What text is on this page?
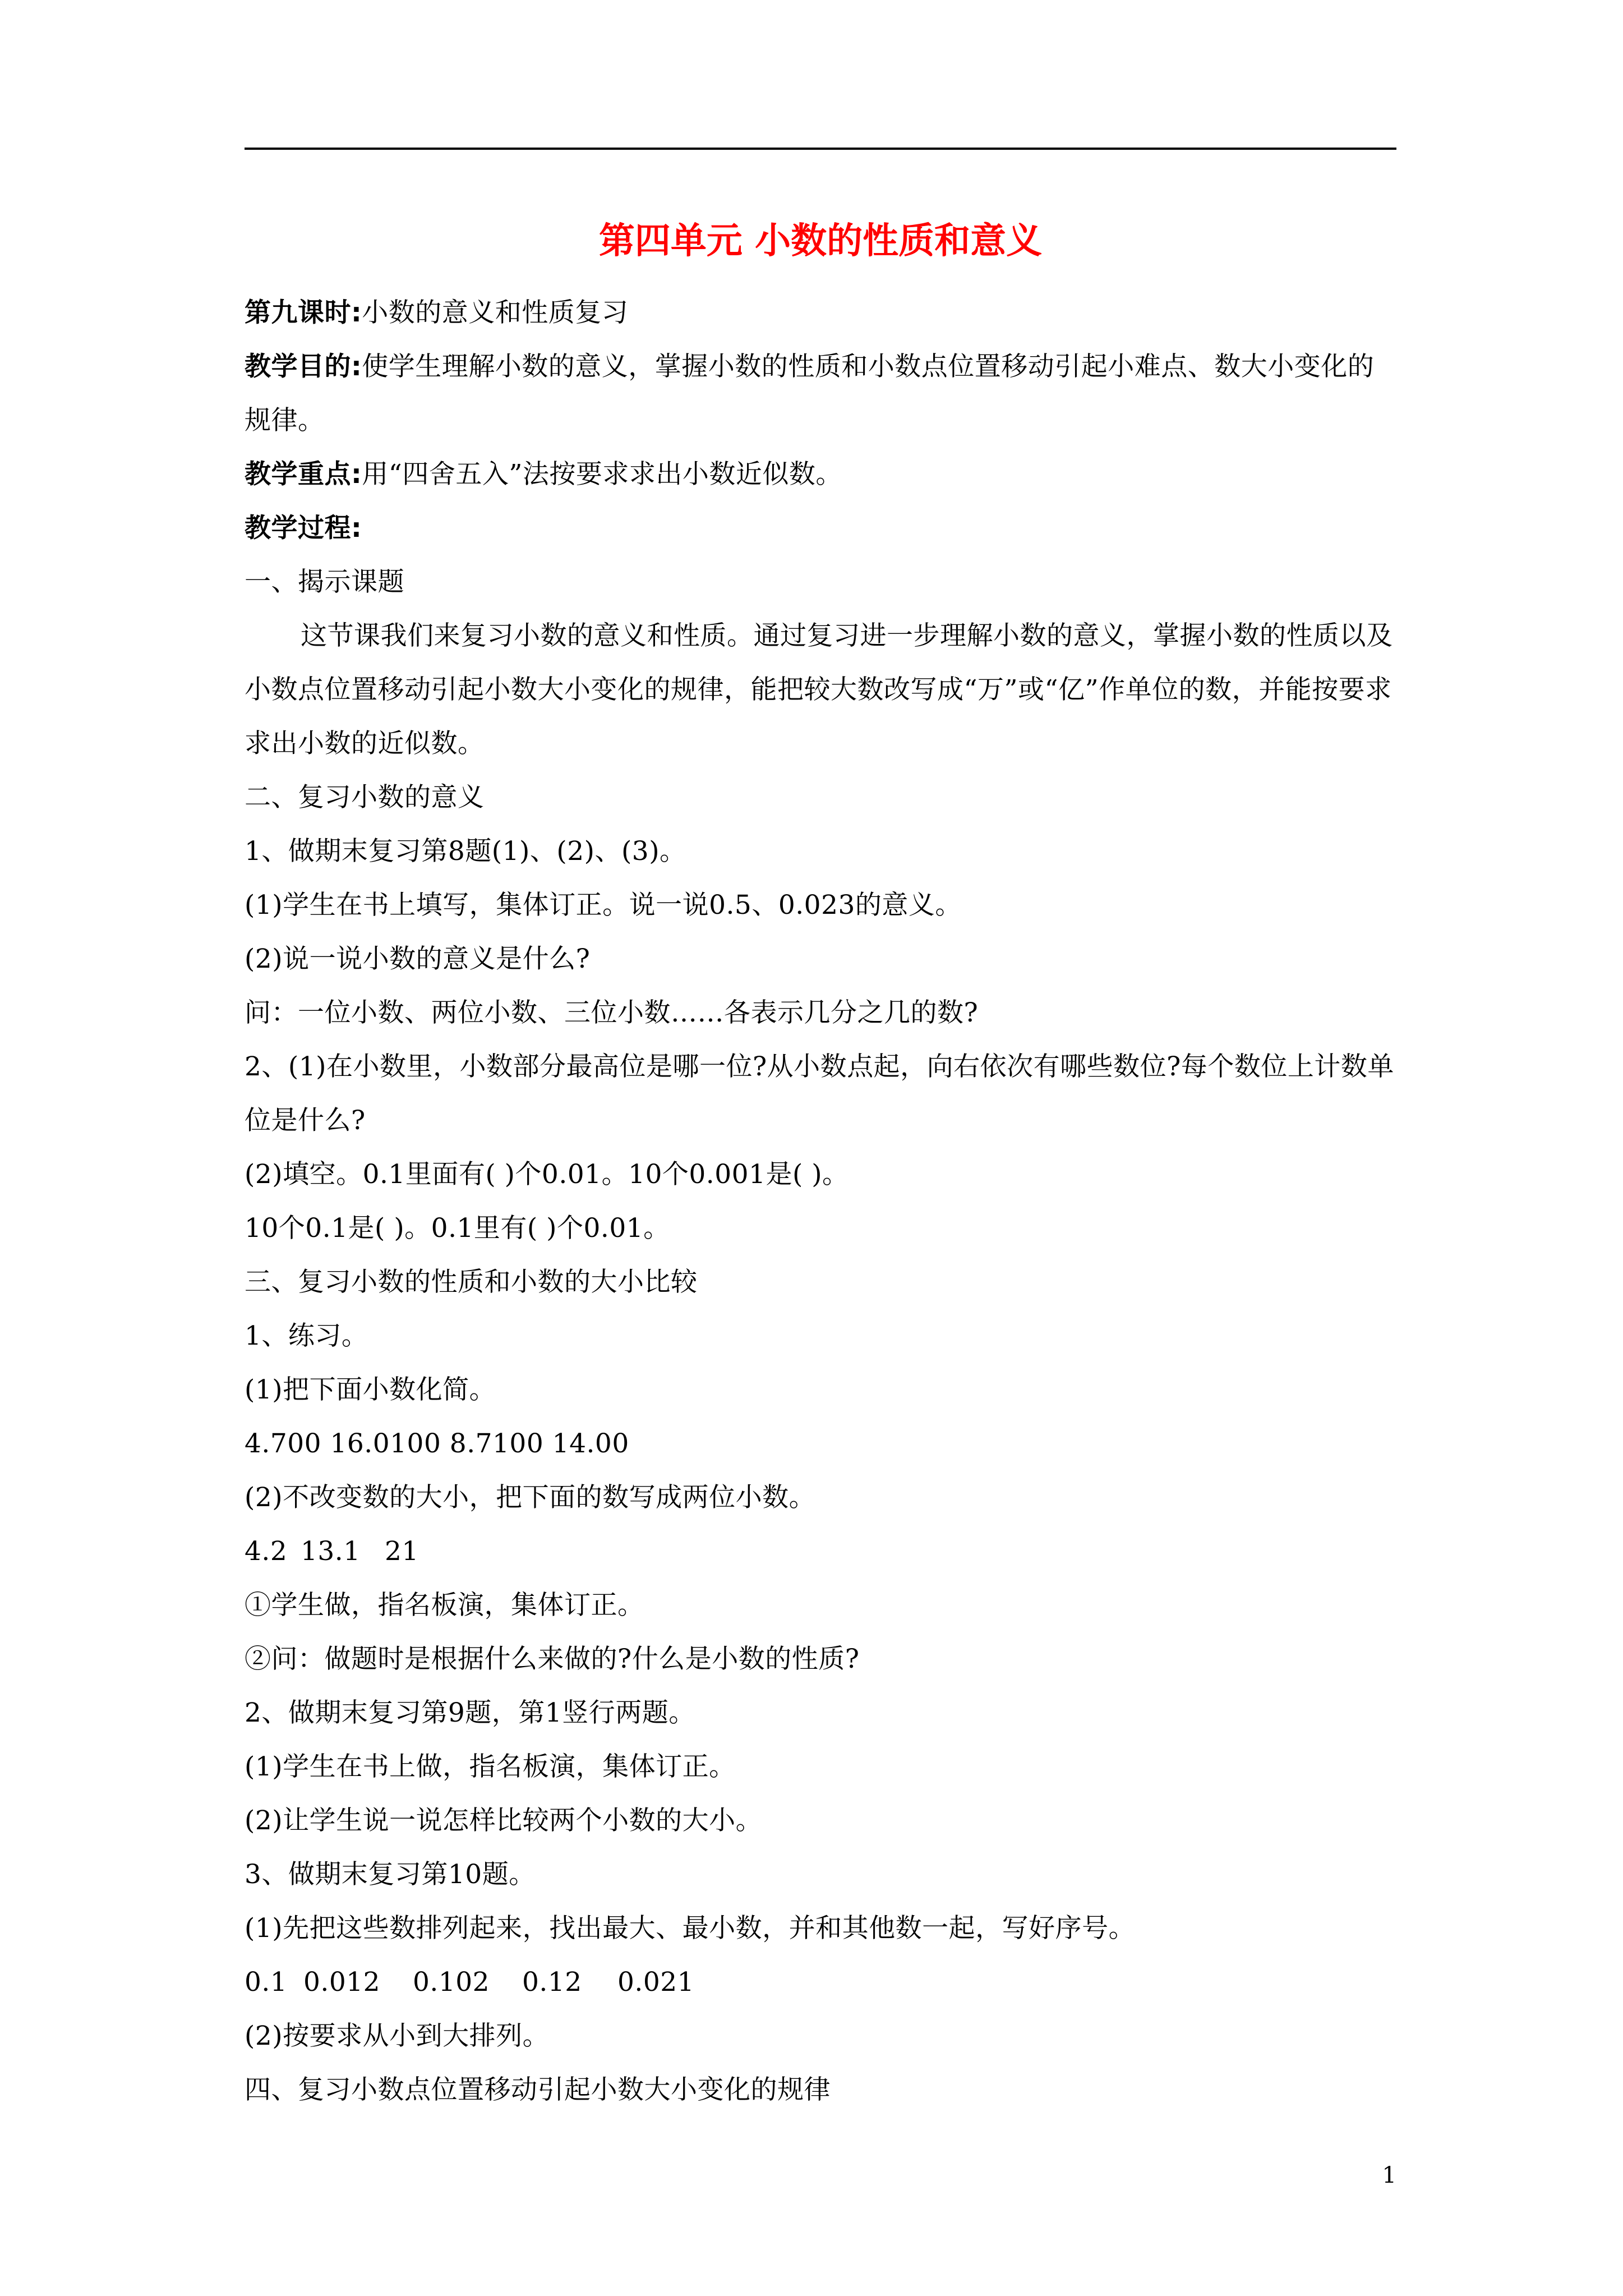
第四单元 小数的性质和意义
第九课时:小数的意义和性质复习
教学目的:使学生理解小数的意义，掌握小数的性质和小数点位置移动引起小难点、数大小变化的规律。
教学重点:用“四舍五入”法按要求求出小数近似数。
教学过程:
一、揭示课题
这节课我们来复习小数的意义和性质。通过复习进一步理解小数的意义，掌握小数的性质以及小数点位置移动引起小数大小变化的规律，能把较大数改写成“万”或“亿”作单位的数，并能按要求求出小数的近似数。
二、复习小数的意义
1、做期末复习第8题(1)、(2)、(3)。
(1)学生在书上填写，集体订正。说一说0.5、0.023的意义。
(2)说一说小数的意义是什么?
问：一位小数、两位小数、三位小数……各表示几分之几的数?
2、(1)在小数里，小数部分最高位是哪一位?从小数点起，向右依次有哪些数位?每个数位上计数单位是什么?
(2)填空。0.1里面有( )个0.01。10个0.001是( )。
10个0.1是( )。0.1里有( )个0.01。
三、复习小数的性质和小数的大小比较
1、练习。
(1)把下面小数化简。
4.700 16.0100 8.7100 14.00
(2)不改变数的大小，把下面的数写成两位小数。
4.2 13.1 21
①学生做，指名板演，集体订正。
②问：做题时是根据什么来做的?什么是小数的性质?
2、做期末复习第9题，第1竖行两题。
(1)学生在书上做，指名板演，集体订正。
(2)让学生说一说怎样比较两个小数的大小。
3、做期末复习第10题。
(1)先把这些数排列起来，找出最大、最小数，并和其他数一起，写好序号。
0.1 0.012 0.102 0.12 0.021
(2)按要求从小到大排列。
四、复习小数点位置移动引起小数大小变化的规律
1
